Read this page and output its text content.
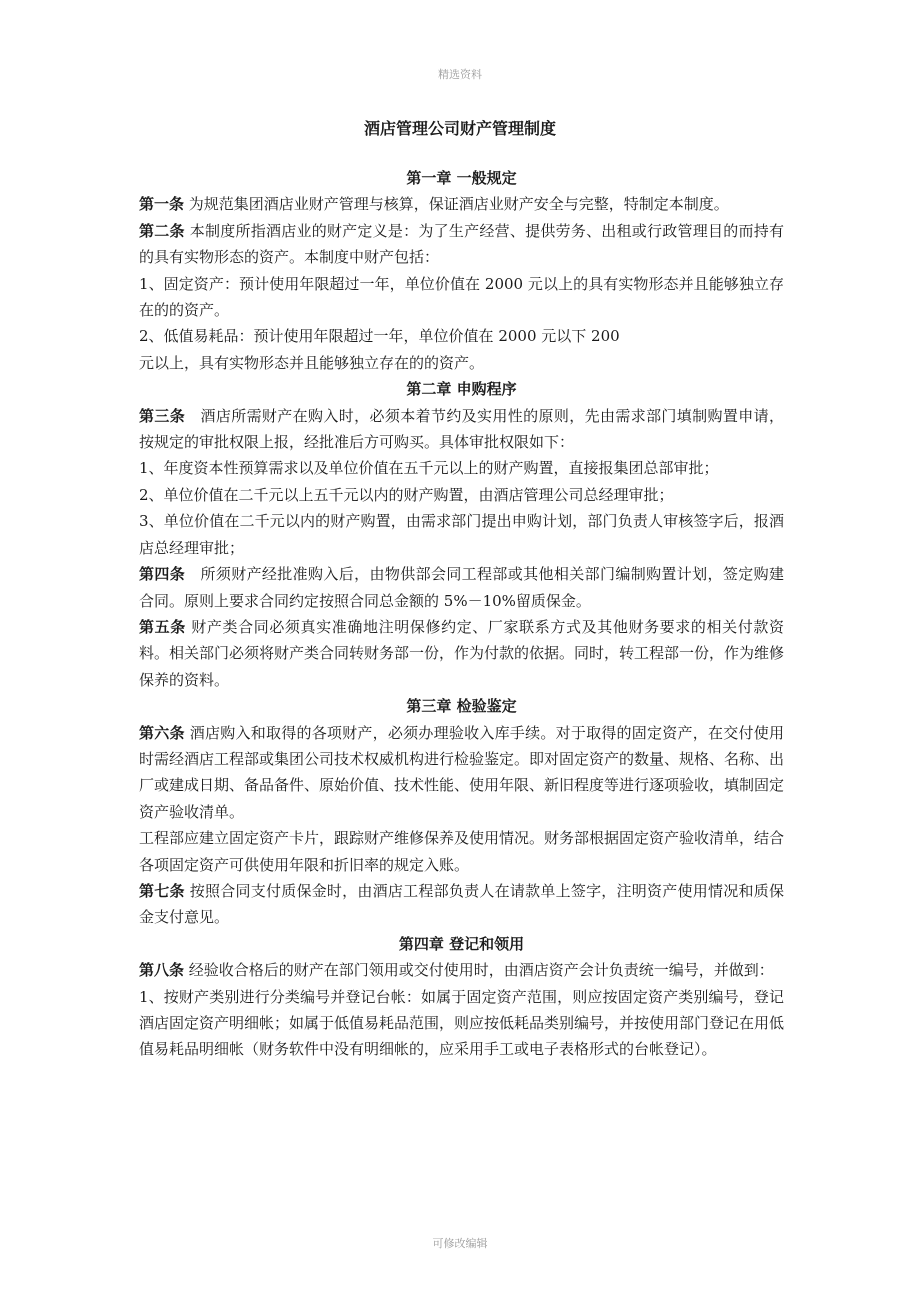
精选资料
酒店管理公司财产管理制度

第一章 一般规定

第一条 为规范集团酒店业财产管理与核算，保证酒店业财产安全与完整，特制定本制度。

第二条 本制度所指酒店业的财产定义是：为了生产经营、提供劳务、出租或行政管理目的而持有的具有实物形态的资产。本制度中财产包括：

1、固定资产：预计使用年限超过一年，单位价值在 2000 元以上的具有实物形态并且能够独立存在的的资产。

2、低值易耗品：预计使用年限超过一年，单位价值在 2000 元以下 200

元以上，具有实物形态并且能够独立存在的的资产。

第二章 申购程序

第三条　酒店所需财产在购入时，必须本着节约及实用性的原则，先由需求部门填制购置申请，按规定的审批权限上报，经批准后方可购买。具体审批权限如下：

1、年度资本性预算需求以及单位价值在五千元以上的财产购置，直接报集团总部审批；

2、单位价值在二千元以上五千元以内的财产购置，由酒店管理公司总经理审批；

3、单位价值在二千元以内的财产购置，由需求部门提出申购计划，部门负责人审核签字后，报酒店总经理审批；

第四条　所须财产经批准购入后，由物供部会同工程部或其他相关部门编制购置计划，签定购建合同。原则上要求合同约定按照合同总金额的 5%－10%留质保金。

第五条 财产类合同必须真实准确地注明保修约定、厂家联系方式及其他财务要求的相关付款资料。相关部门必须将财产类合同转财务部一份，作为付款的依据。同时，转工程部一份，作为维修保养的资料。

第三章 检验鉴定

第六条 酒店购入和取得的各项财产，必须办理验收入库手续。对于取得的固定资产，在交付使用时需经酒店工程部或集团公司技术权威机构进行检验鉴定。即对固定资产的数量、规格、名称、出厂或建成日期、备品备件、原始价值、技术性能、使用年限、新旧程度等进行逐项验收，填制固定资产验收清单。

工程部应建立固定资产卡片，跟踪财产维修保养及使用情况。财务部根据固定资产验收清单，结合各项固定资产可供使用年限和折旧率的规定入账。

第七条 按照合同支付质保金时，由酒店工程部负责人在请款单上签字，注明资产使用情况和质保金支付意见。

第四章 登记和领用

第八条 经验收合格后的财产在部门领用或交付使用时，由酒店资产会计负责统一编号，并做到：

1、按财产类别进行分类编号并登记台帐：如属于固定资产范围，则应按固定资产类别编号，登记酒店固定资产明细帐；如属于低值易耗品范围，则应按低耗品类别编号，并按使用部门登记在用低值易耗品明细帐（财务软件中没有明细帐的，应采用手工或电子表格形式的台帐登记）。

可修改编辑
